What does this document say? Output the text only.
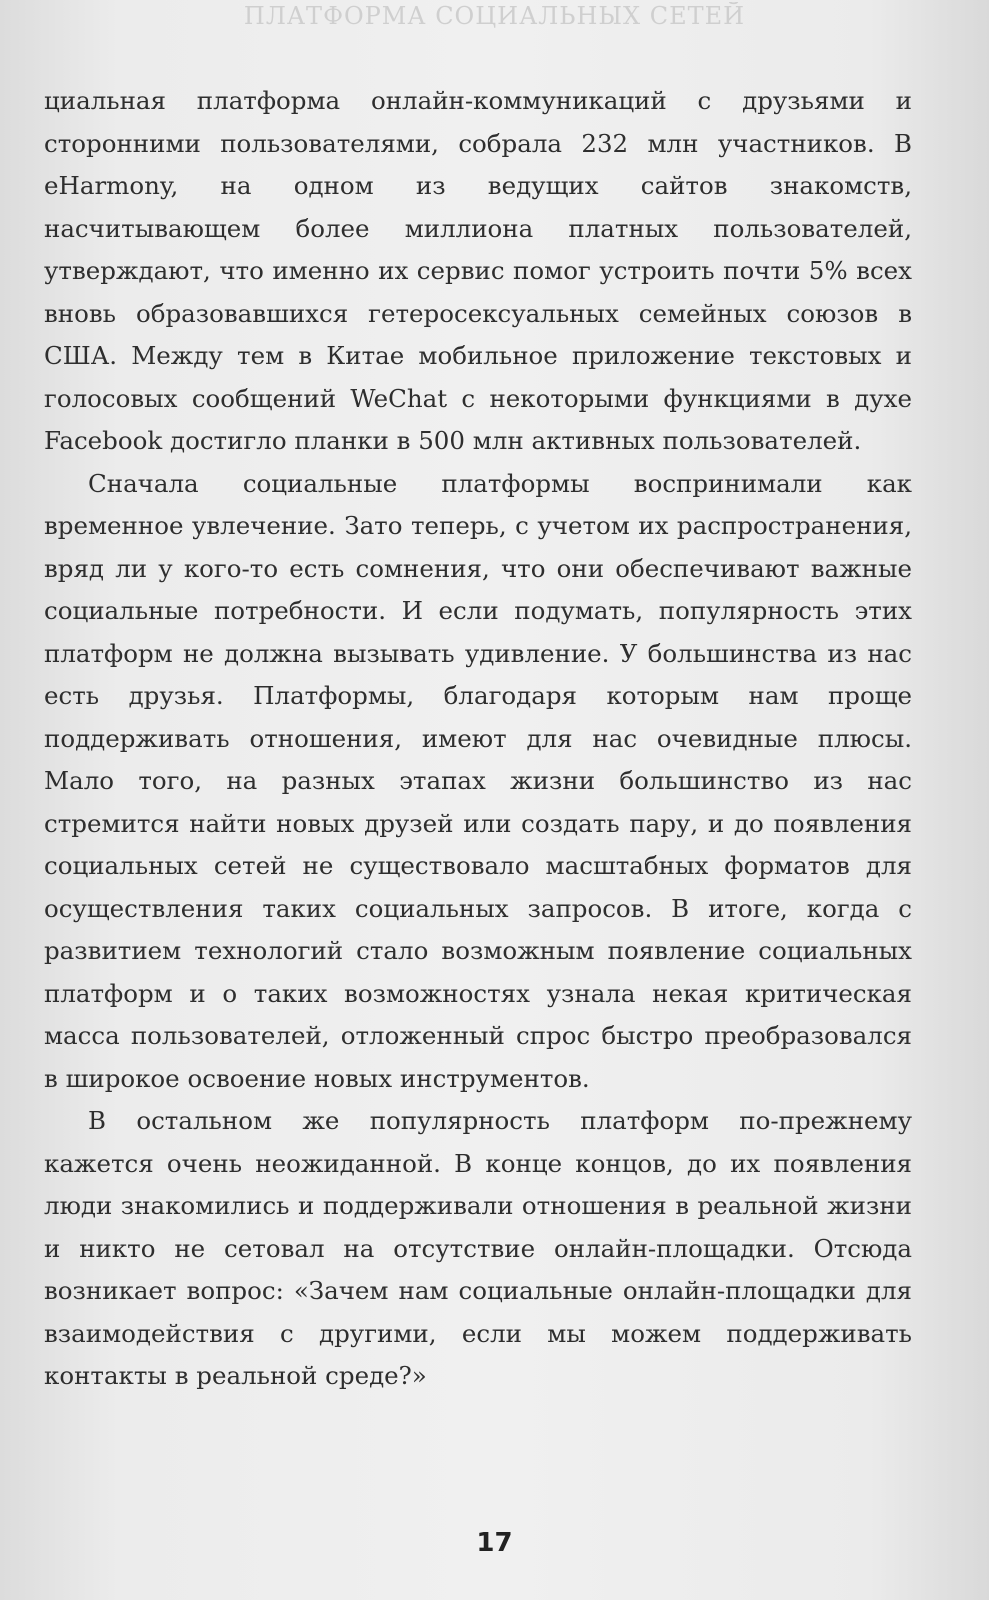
ПЛАТФОРМА СОЦИАЛЬНЫХ СЕТЕЙ

циальная платформа онлайн-коммуникаций с друзьями и сторонними пользователями, собрала 232 млн участников. В eHarmony, на одном из ведущих сайтов знакомств, насчитывающем более миллиона платных пользователей, утверждают, что именно их сервис помог устроить почти 5% всех вновь образовавшихся гетеросексуальных семейных союзов в США. Между тем в Китае мобильное приложение текстовых и голосовых сообщений WeChat с некоторыми функциями в духе Facebook достигло планки в 500 млн активных пользователей.

Сначала социальные платформы воспринимали как временное увлечение. Зато теперь, с учетом их распространения, вряд ли у кого-то есть сомнения, что они обеспечивают важные социальные потребности. И если подумать, популярность этих платформ не должна вызывать удивление. У большинства из нас есть друзья. Платформы, благодаря которым нам проще поддерживать отношения, имеют для нас очевидные плюсы. Мало того, на разных этапах жизни большинство из нас стремится найти новых друзей или создать пару, и до появления социальных сетей не существовало масштабных форматов для осуществления таких социальных запросов. В итоге, когда с развитием технологий стало возможным появление социальных платформ и о таких возможностях узнала некая критическая масса пользователей, отложенный спрос быстро преобразовался в широкое освоение новых инструментов.

В остальном же популярность платформ по-прежнему кажется очень неожиданной. В конце концов, до их появления люди знакомились и поддерживали отношения в реальной жизни и никто не сетовал на отсутствие онлайн-площадки. Отсюда возникает вопрос: «Зачем нам социальные онлайн-площадки для взаимодействия с другими, если мы можем поддерживать контакты в реальной среде?»

17
